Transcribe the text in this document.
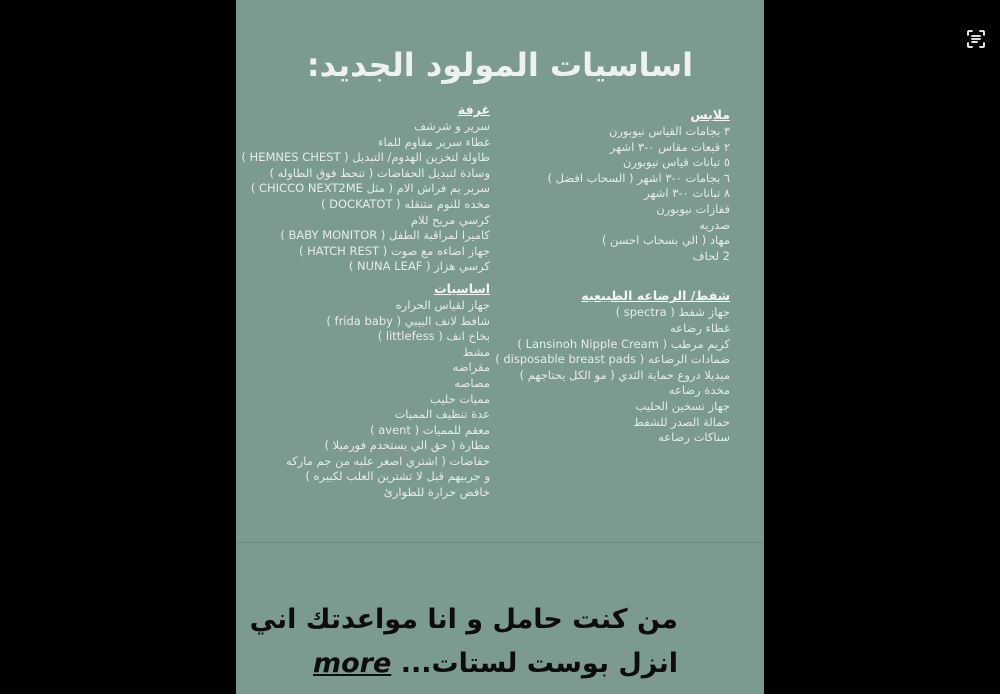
اساسيات المولود الجديد:
ملابس
٣ بجامات القياس نيوبورن
٢ قبعات مقاس ٠-٣ اشهر
٥ تبانات قياس نيوبورن
٦ بجامات ٠-٣ اشهر ( السحاب افضل )
٨ تبانات ٠-٣ اشهر
قفازات نيوبورن
صدريه
مهاد ( الي بسحاب احسن )
2 لحاف
شفط/ الرضاعه الطبيعيه
جهاز شفط ( spectra )
غطاء رضاعه
كريم مرطب ( Lansinoh Nipple Cream )
ضمادات الرضاعه ( disposable breast pads )
ميديلا دروع حماية الثدي ( مو الكل يحتاجهم )
مخدة رضاعه
جهاز تسخين الحليب
حمالة الصدر للشفط
سناكات رضاعه
غرفة
سرير و شرشف
غطاء سرير مقاوم للماء
طاولة لتخزين الهدوم/ التبديل ( HEMNES CHEST )
وسادة لتبديل الحفاضات ( تنحط فوق الطاوله )
سرير يم فراش الام ( مثل CHICCO NEXT2ME )
مخده للنوم متنقله ( DOCKATOT )
كرسي مريح للام
كاميرا لمراقبة الطفل ( BABY MONITOR )
جهاز اضاءه مع صوت ( HATCH REST )
كرسي هزاز ( NUNA LEAF )
اساسيات
جهاز لقياس الحراره
شافط لانف البيبي ( frida baby )
بخاخ انف ( littlefess )
مشط
مقراضه
مصاصه
مميات حليب
عدة تنظيف المميات
معقم للمميات ( avent )
مطارة ( حق الي يستخدم فورميلا )
حفاضات ( اشتري اصغر علبه من جم ماركه
و جربيهم قبل لا تشترين العلب لكبيره )
خافض حرارة للطوارئ
من كنت حامل و انا مواعدتك اني
انزل بوست لستات... more
